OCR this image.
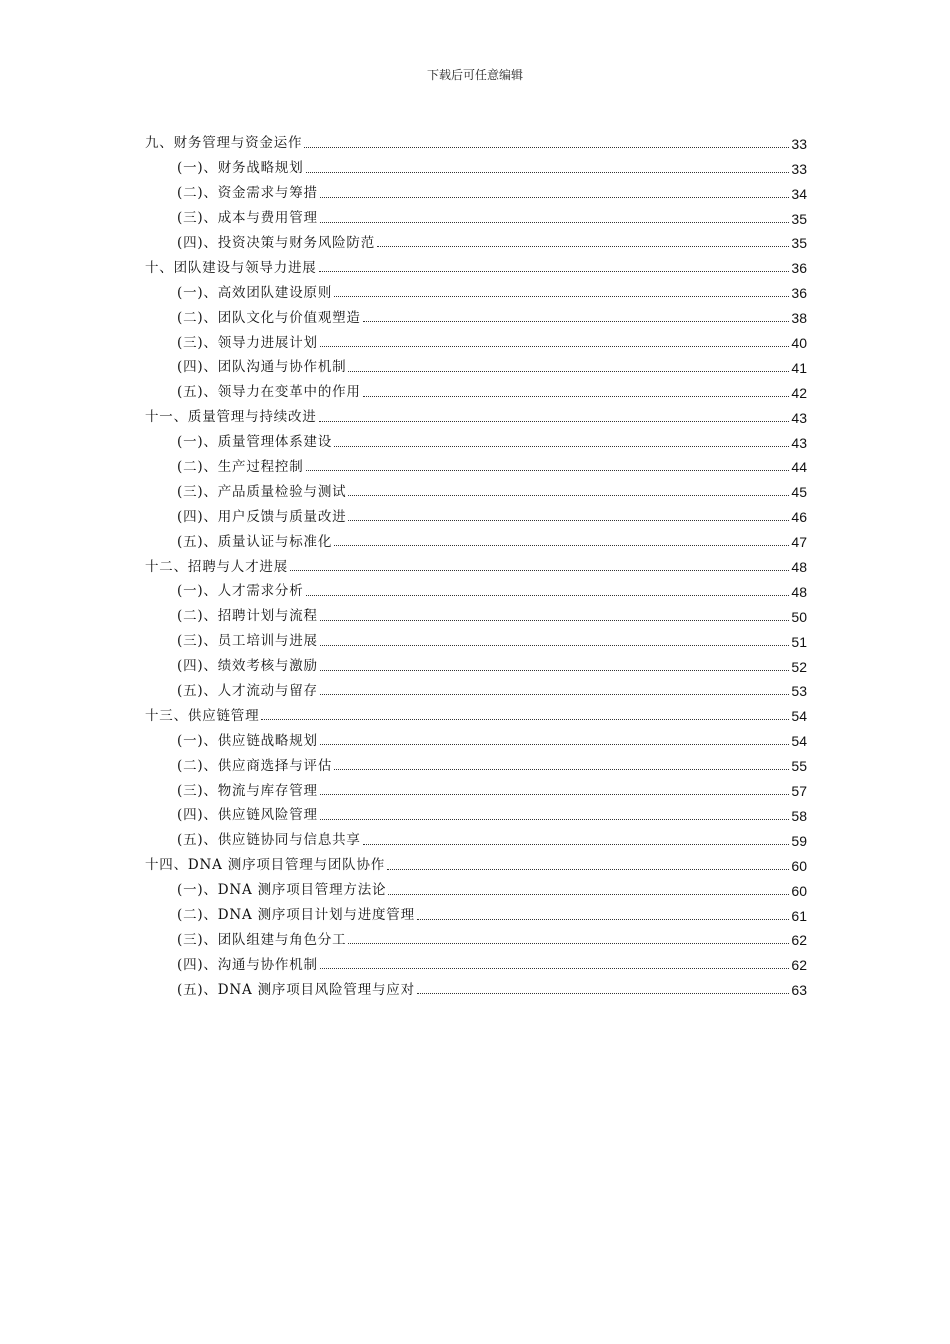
下载后可任意编辑
九、财务管理与资金运作	33
(一)、财务战略规划	33
(二)、资金需求与筹措	34
(三)、成本与费用管理	35
(四)、投资决策与财务风险防范	35
十、团队建设与领导力进展	36
(一)、高效团队建设原则	36
(二)、团队文化与价值观塑造	38
(三)、领导力进展计划	40
(四)、团队沟通与协作机制	41
(五)、领导力在变革中的作用	42
十一、质量管理与持续改进	43
(一)、质量管理体系建设	43
(二)、生产过程控制	44
(三)、产品质量检验与测试	45
(四)、用户反馈与质量改进	46
(五)、质量认证与标准化	47
十二、招聘与人才进展	48
(一)、人才需求分析	48
(二)、招聘计划与流程	50
(三)、员工培训与进展	51
(四)、绩效考核与激励	52
(五)、人才流动与留存	53
十三、供应链管理	54
(一)、供应链战略规划	54
(二)、供应商选择与评估	55
(三)、物流与库存管理	57
(四)、供应链风险管理	58
(五)、供应链协同与信息共享	59
十四、DNA 测序项目管理与团队协作	60
(一)、DNA 测序项目管理方法论	60
(二)、DNA 测序项目计划与进度管理	61
(三)、团队组建与角色分工	62
(四)、沟通与协作机制	62
(五)、DNA 测序项目风险管理与应对	63
